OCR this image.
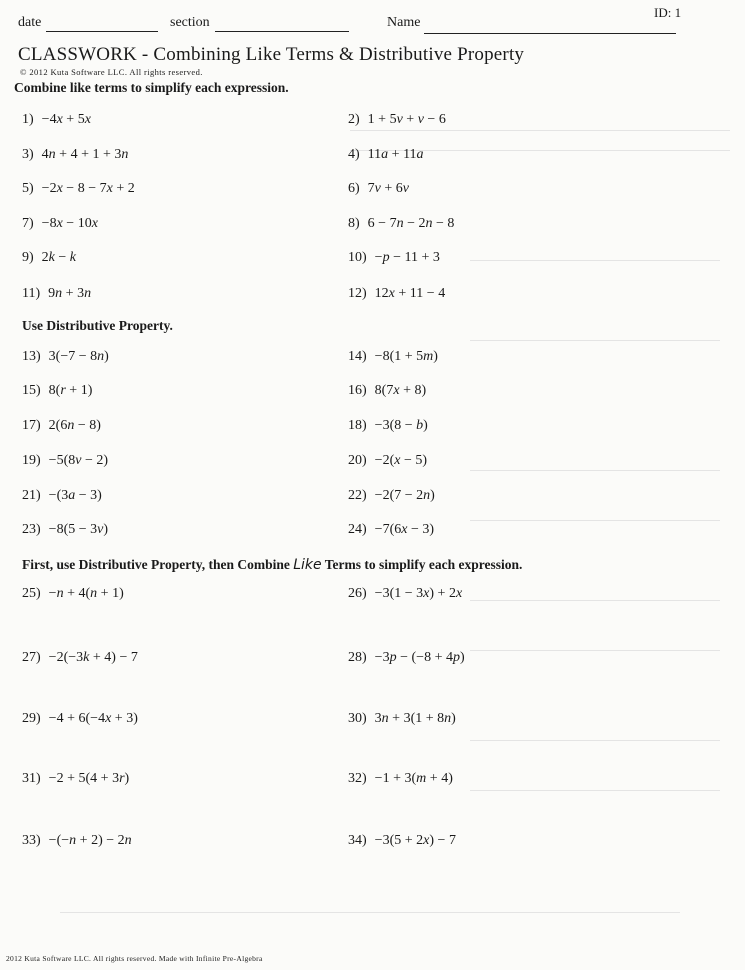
date	section	Name
ID: 1
CLASSWORK - Combining Like Terms & Distributive Property
© 2012 Kuta Software LLC. All rights reserved.
Combine like terms to simplify each expression.
1) −4x + 5x	2) 1 + 5v + v − 6
3) 4n + 4 + 1 + 3n	4) 11a + 11a
5) −2x − 8 − 7x + 2	6) 7v + 6v
7) −8x − 10x	8) 6 − 7n − 2n − 8
9) 2k − k	10) −p − 11 + 3
11) 9n + 3n	12) 12x + 11 − 4
13) 3(−7 − 8n)	14) −8(1 + 5m)
15) 8(r + 1)	16) 8(7x + 8)
17) 2(6n − 8)	18) −3(8 − b)
19) −5(8v − 2)	20) −2(x − 5)
21) −(3a − 3)	22) −2(7 − 2n)
23) −8(5 − 3v)	24) −7(6x − 3)
25) −n + 4(n + 1)	26) −3(1 − 3x) + 2x
27) −2(−3k + 4) − 7	28) −3p − (−8 + 4p)
29) −4 + 6(−4x + 3)	30) 3n + 3(1 + 8n)
31) −2 + 5(4 + 3r)	32) −1 + 3(m + 4)
33) −(−n + 2) − 2n	34) −3(5 + 2x) − 7
Use Distributive Property.
First, use Distributive Property, then Combine Like Terms to simplify each expression.
2012 Kuta Software LLC. All rights reserved. Made with Infinite Pre-Algebra
